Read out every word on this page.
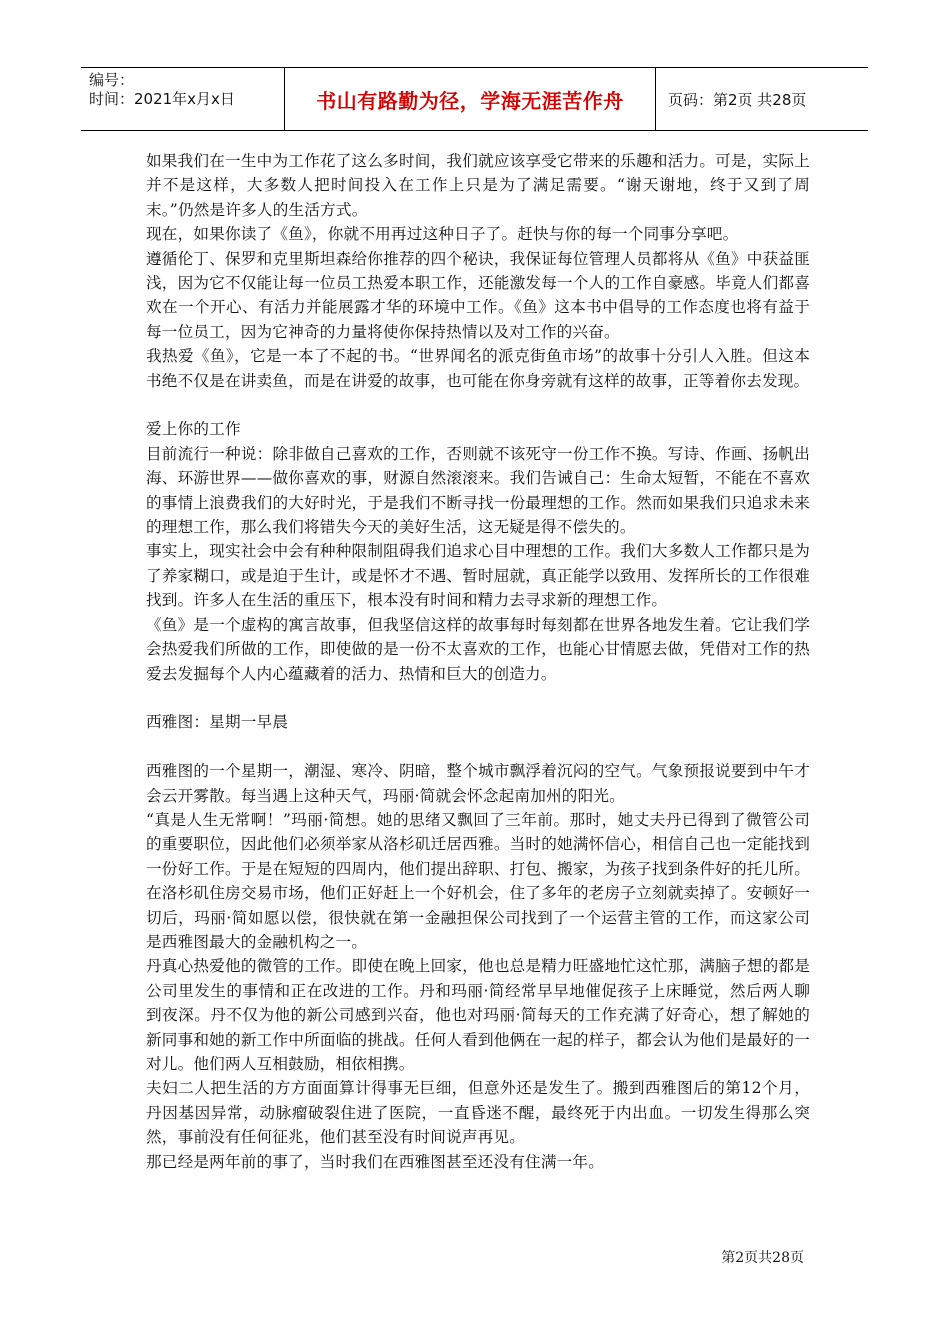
编号：
时间：2021年x月x日	书山有路勤为径，学海无涯苦作舟	页码：第2页 共28页

如果我们在一生中为工作花了这么多时间，我们就应该享受它带来的乐趣和活力。可是，实际上并不是这样，大多数人把时间投入在工作上只是为了满足需要。“谢天谢地，终于又到了周末。”仍然是许多人的生活方式。

现在，如果你读了《鱼》，你就不用再过这种日子了。赶快与你的每一个同事分享吧。

遵循伦丁、保罗和克里斯坦森给你推荐的四个秘诀，我保证每位管理人员都将从《鱼》中获益匪浅，因为它不仅能让每一位员工热爱本职工作，还能激发每一个人的工作自豪感。毕竟人们都喜欢在一个开心、有活力并能展露才华的环境中工作。《鱼》这本书中倡导的工作态度也将有益于每一位员工，因为它神奇的力量将使你保持热情以及对工作的兴奋。

我热爱《鱼》，它是一本了不起的书。“世界闻名的派克街鱼市场”的故事十分引人入胜。但这本书绝不仅是在讲卖鱼，而是在讲爱的故事，也可能在你身旁就有这样的故事，正等着你去发现。

爱上你的工作

目前流行一种说：除非做自己喜欢的工作，否则就不该死守一份工作不换。写诗、作画、扬帆出海、环游世界——做你喜欢的事，财源自然滚滚来。我们告诫自己：生命太短暂，不能在不喜欢的事情上浪费我们的大好时光，于是我们不断寻找一份最理想的工作。然而如果我们只追求未来的理想工作，那么我们将错失今天的美好生活，这无疑是得不偿失的。

事实上，现实社会中会有种种限制阻碍我们追求心目中理想的工作。我们大多数人工作都只是为了养家糊口，或是迫于生计，或是怀才不遇、暂时屈就，真正能学以致用、发挥所长的工作很难找到。许多人在生活的重压下，根本没有时间和精力去寻求新的理想工作。

《鱼》是一个虚构的寓言故事，但我坚信这样的故事每时每刻都在世界各地发生着。它让我们学会热爱我们所做的工作，即使做的是一份不太喜欢的工作，也能心甘情愿去做，凭借对工作的热爱去发掘每个人内心蕴藏着的活力、热情和巨大的创造力。

西雅图：星期一早晨

西雅图的一个星期一，潮湿、寒冷、阴暗，整个城市飘浮着沉闷的空气。气象预报说要到中午才会云开雾散。每当遇上这种天气，玛丽·简就会怀念起南加州的阳光。

“真是人生无常啊！”玛丽·简想。她的思绪又飘回了三年前。那时，她丈夫丹已得到了微管公司的重要职位，因此他们必须举家从洛杉矶迁居西雅。当时的她满怀信心，相信自己也一定能找到一份好工作。于是在短短的四周内，他们提出辞职、打包、搬家，为孩子找到条件好的托儿所。在洛杉矶住房交易市场，他们正好赶上一个好机会，住了多年的老房子立刻就卖掉了。安顿好一切后，玛丽·简如愿以偿，很快就在第一金融担保公司找到了一个运营主管的工作，而这家公司是西雅图最大的金融机构之一。

丹真心热爱他的微管的工作。即使在晚上回家，他也总是精力旺盛地忙这忙那，满脑子想的都是公司里发生的事情和正在改进的工作。丹和玛丽·简经常早早地催促孩子上床睡觉，然后两人聊到夜深。丹不仅为他的新公司感到兴奋，他也对玛丽·简每天的工作充满了好奇心，想了解她的新同事和她的新工作中所面临的挑战。任何人看到他俩在一起的样子，都会认为他们是最好的一对儿。他们两人互相鼓励，相依相携。

夫妇二人把生活的方方面面算计得事无巨细，但意外还是发生了。搬到西雅图后的第12个月，丹因基因异常，动脉瘤破裂住进了医院，一直昏迷不醒，最终死于内出血。一切发生得那么突然，事前没有任何征兆，他们甚至没有时间说声再见。

那已经是两年前的事了，当时我们在西雅图甚至还没有住满一年。

第2页共28页
